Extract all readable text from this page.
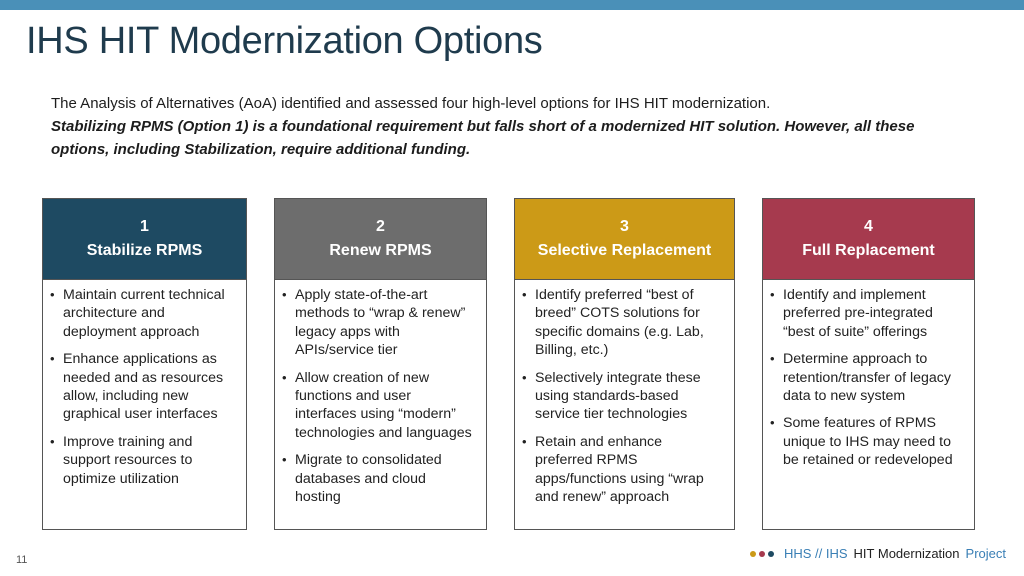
IHS HIT Modernization Options
The Analysis of Alternatives (AoA) identified and assessed four high-level options for IHS HIT modernization.
Stabilizing RPMS (Option 1) is a foundational requirement but falls short of a modernized HIT solution. However, all these options, including Stabilization, require additional funding.
1
Stabilize RPMS
• Maintain current technical architecture and deployment approach
• Enhance applications as needed and as resources allow, including new graphical user interfaces
• Improve training and support resources to optimize utilization
2
Renew RPMS
• Apply state-of-the-art methods to “wrap & renew” legacy apps with APIs/service tier
• Allow creation of new functions and user interfaces using “modern” technologies and languages
• Migrate to consolidated databases and cloud hosting
3
Selective Replacement
• Identify preferred “best of breed” COTS solutions for specific domains (e.g. Lab, Billing, etc.)
• Selectively integrate these using standards-based service tier technologies
• Retain and enhance preferred RPMS apps/functions using “wrap and renew” approach
4
Full Replacement
• Identify and implement preferred pre-integrated “best of suite” offerings
• Determine approach to retention/transfer of legacy data to new system
• Some features of RPMS unique to IHS may need to be retained or redeveloped
11	HHS // IHS HIT Modernization Project
